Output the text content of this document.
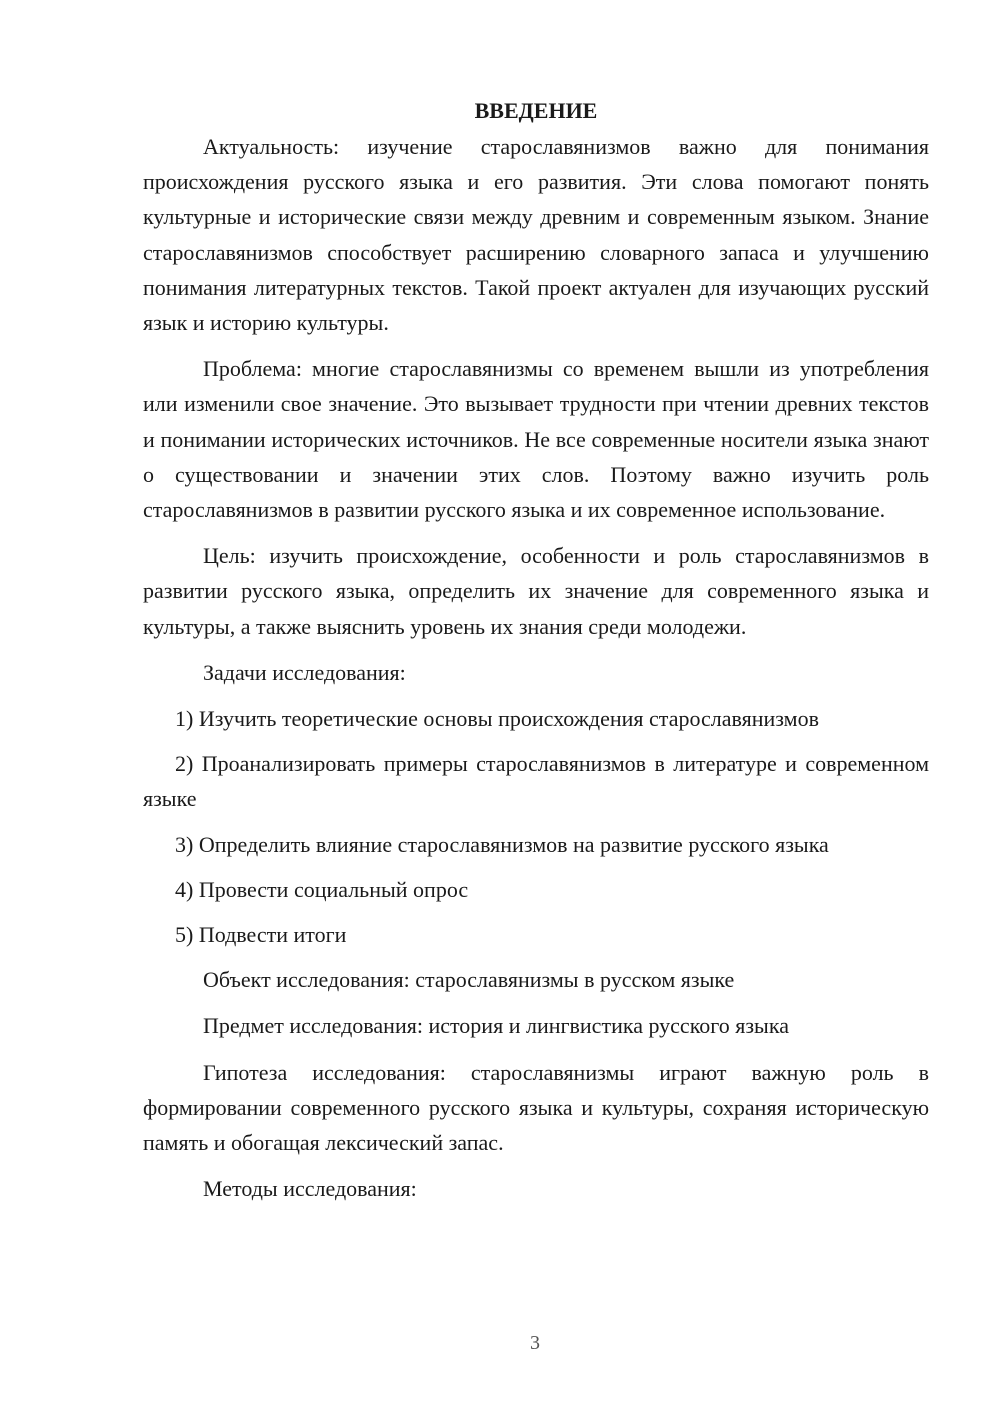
ВВЕДЕНИЕ

Актуальность: изучение старославянизмов важно для понимания происхождения русского языка и его развития. Эти слова помогают понять культурные и исторические связи между древним и современным языком. Знание старославянизмов способствует расширению словарного запаса и улучшению понимания литературных текстов. Такой проект актуален для изучающих русский язык и историю культуры.

Проблема: многие старославянизмы со временем вышли из употребления или изменили свое значение. Это вызывает трудности при чтении древних текстов и понимании исторических источников. Не все современные носители языка знают о существовании и значении этих слов. Поэтому важно изучить роль старославянизмов в развитии русского языка и их современное использование.

Цель: изучить происхождение, особенности и роль старославянизмов в развитии русского языка, определить их значение для современного языка и культуры, а также выяснить уровень их знания среди молодежи.

Задачи исследования:

1) Изучить теоретические основы происхождения старославянизмов

2) Проанализировать примеры старославянизмов в литературе и современном языке

3) Определить влияние старославянизмов на развитие русского языка

4) Провести социальный опрос

5) Подвести итоги

Объект исследования: старославянизмы в русском языке

Предмет исследования: история и лингвистика русского языка

Гипотеза исследования: старославянизмы играют важную роль в формировании современного русского языка и культуры, сохраняя историческую память и обогащая лексический запас.

Методы исследования:

3
